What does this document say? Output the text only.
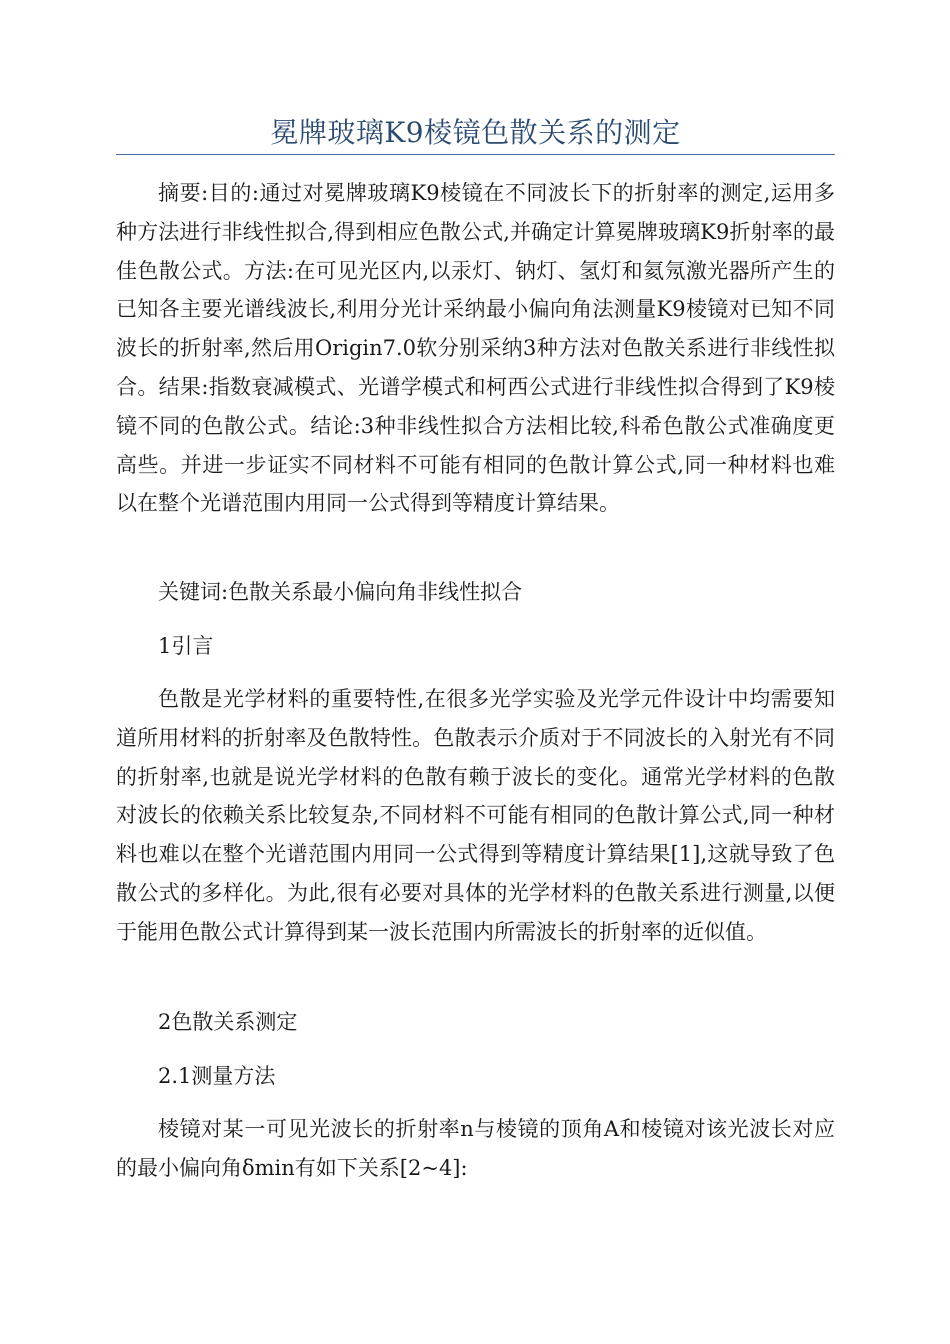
冕牌玻璃K9棱镜色散关系的测定

摘要:目的:通过对冕牌玻璃K9棱镜在不同波长下的折射率的测定,运用多种方法进行非线性拟合,得到相应色散公式,并确定计算冕牌玻璃K9折射率的最佳色散公式。方法:在可见光区内,以汞灯、钠灯、氢灯和氦氖激光器所产生的已知各主要光谱线波长,利用分光计采纳最小偏向角法测量K9棱镜对已知不同波长的折射率,然后用Origin7.0软分别采纳3种方法对色散关系进行非线性拟合。结果:指数衰减模式、光谱学模式和柯西公式进行非线性拟合得到了K9棱镜不同的色散公式。结论:3种非线性拟合方法相比较,科希色散公式准确度更高些。并进一步证实不同材料不可能有相同的色散计算公式,同一种材料也难以在整个光谱范围内用同一公式得到等精度计算结果。

关键词:色散关系最小偏向角非线性拟合
1引言

色散是光学材料的重要特性,在很多光学实验及光学元件设计中均需要知道所用材料的折射率及色散特性。色散表示介质对于不同波长的入射光有不同的折射率,也就是说光学材料的色散有赖于波长的变化。通常光学材料的色散对波长的依赖关系比较复杂,不同材料不可能有相同的色散计算公式,同一种材料也难以在整个光谱范围内用同一公式得到等精度计算结果[1],这就导致了色散公式的多样化。为此,很有必要对具体的光学材料的色散关系进行测量,以便于能用色散公式计算得到某一波长范围内所需波长的折射率的近似值。

2色散关系测定
2.1测量方法

棱镜对某一可见光波长的折射率n与棱镜的顶角A和棱镜对该光波长对应的最小偏向角δmin有如下关系[2~4]:
